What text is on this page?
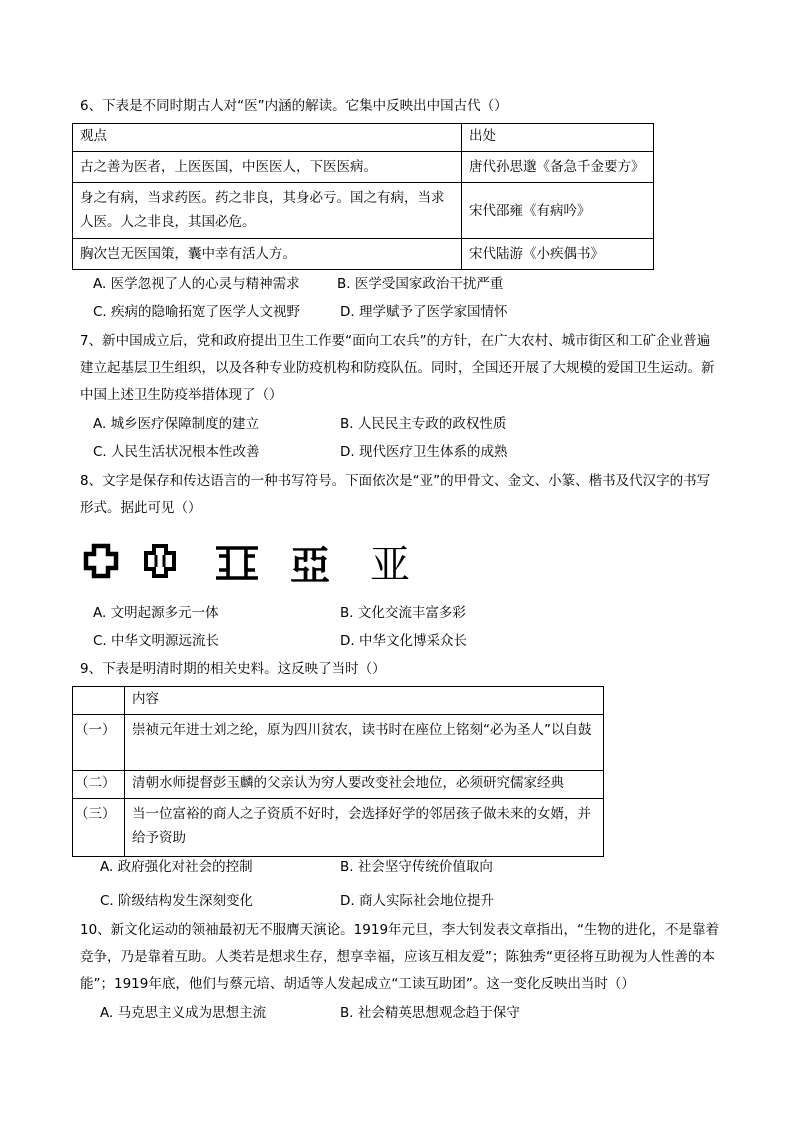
6、下表是不同时期古人对“医”内涵的解读。它集中反映出中国古代（）

观点	出处
古之善为医者，上医医国，中医医人，下医医病。	唐代孙思邈《备急千金要方》
身之有病，当求药医。药之非良，其身必亏。国之有病，当求人医。人之非良，其国必危。	宋代邵雍《有病吟》
胸次岂无医国策，囊中幸有活人方。	宋代陆游《小疾偶书》
A. 医学忽视了人的心灵与精神需求	B. 医学受国家政治干扰严重
C. 疾病的隐喻拓宽了医学人文视野	D. 理学赋予了医学家国情怀

7、新中国成立后，党和政府提出卫生工作要“面向工农兵”的方针，在广大农村、城市街区和工矿企业普遍建立起基层卫生组织，以及各种专业防疫机构和防疫队伍。同时，全国还开展了大规模的爱国卫生运动。新中国上述卫生防疫举措体现了（）

A. 城乡医疗保障制度的建立	B. 人民民主专政的政权性质
C. 人民生活状况根本性改善	D. 现代医疗卫生体系的成熟

8、文字是保存和传达语言的一种书写符号。下面依次是“亚”的甲骨文、金文、小篆、楷书及代汉字的书写形式。据此可见（）

亞 亚
A. 文明起源多元一体	B. 文化交流丰富多彩
C. 中华文明源远流长	D. 中华文化博采众长

9、下表是明清时期的相关史料。这反映了当时（）

	内容
（一）	崇祯元年进士刘之纶，原为四川贫农，读书时在座位上铭刻“必为圣人”以自鼓
（二）	清朝水师提督彭玉麟的父亲认为穷人要改变社会地位，必须研究儒家经典
（三）	当一位富裕的商人之子资质不好时，会选择好学的邻居孩子做未来的女婿，并给予资助
A. 政府强化对社会的控制	B. 社会坚守传统价值取向
C. 阶级结构发生深刻变化	D. 商人实际社会地位提升

10、新文化运动的领袖最初无不服膺天演论。1919年元旦，李大钊发表文章指出，“生物的进化，不是靠着竞争，乃是靠着互助。人类若是想求生存，想享幸福，应该互相友爱”；陈独秀“更径将互助视为人性善的本能”；1919年底，他们与蔡元培、胡适等人发起成立“工读互助团”。这一变化反映出当时（）

A. 马克思主义成为思想主流	B. 社会精英思想观念趋于保守
